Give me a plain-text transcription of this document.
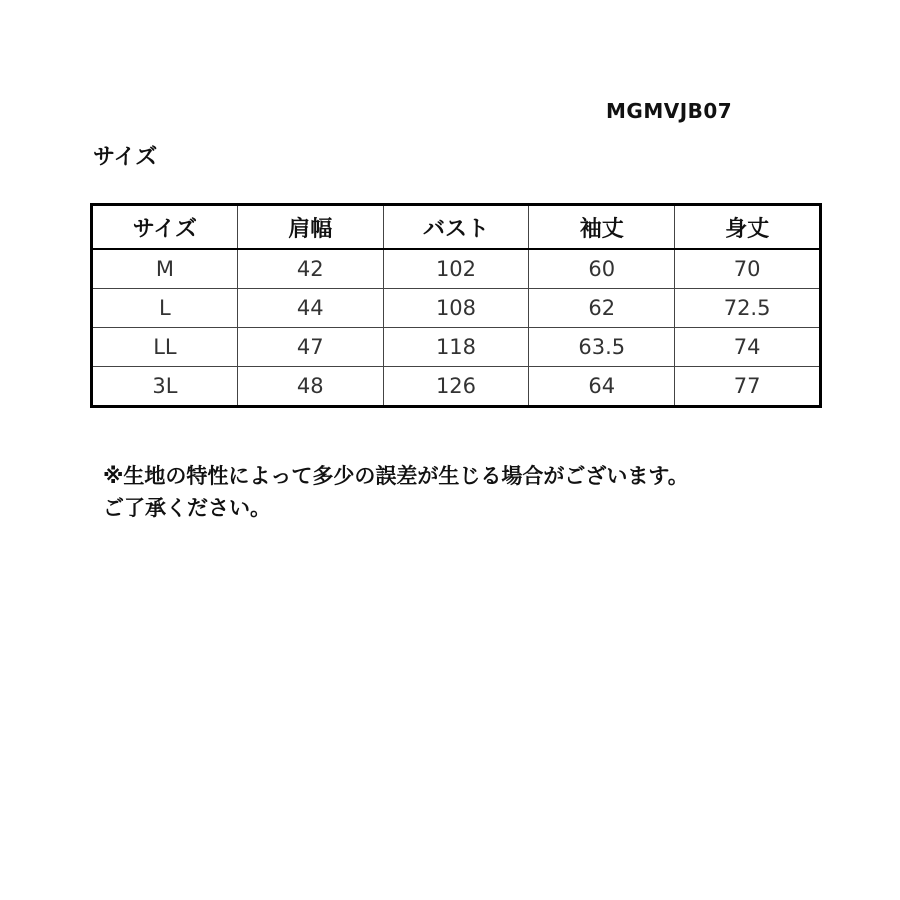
MGMVJB07
サイズ
サイズ	肩幅	バスト	袖丈	身丈
M	42	102	60	70
L	44	108	62	72.5
LL	47	118	63.5	74
3L	48	126	64	77
※生地の特性によって多少の誤差が生じる場合がございます。
ご了承ください。
